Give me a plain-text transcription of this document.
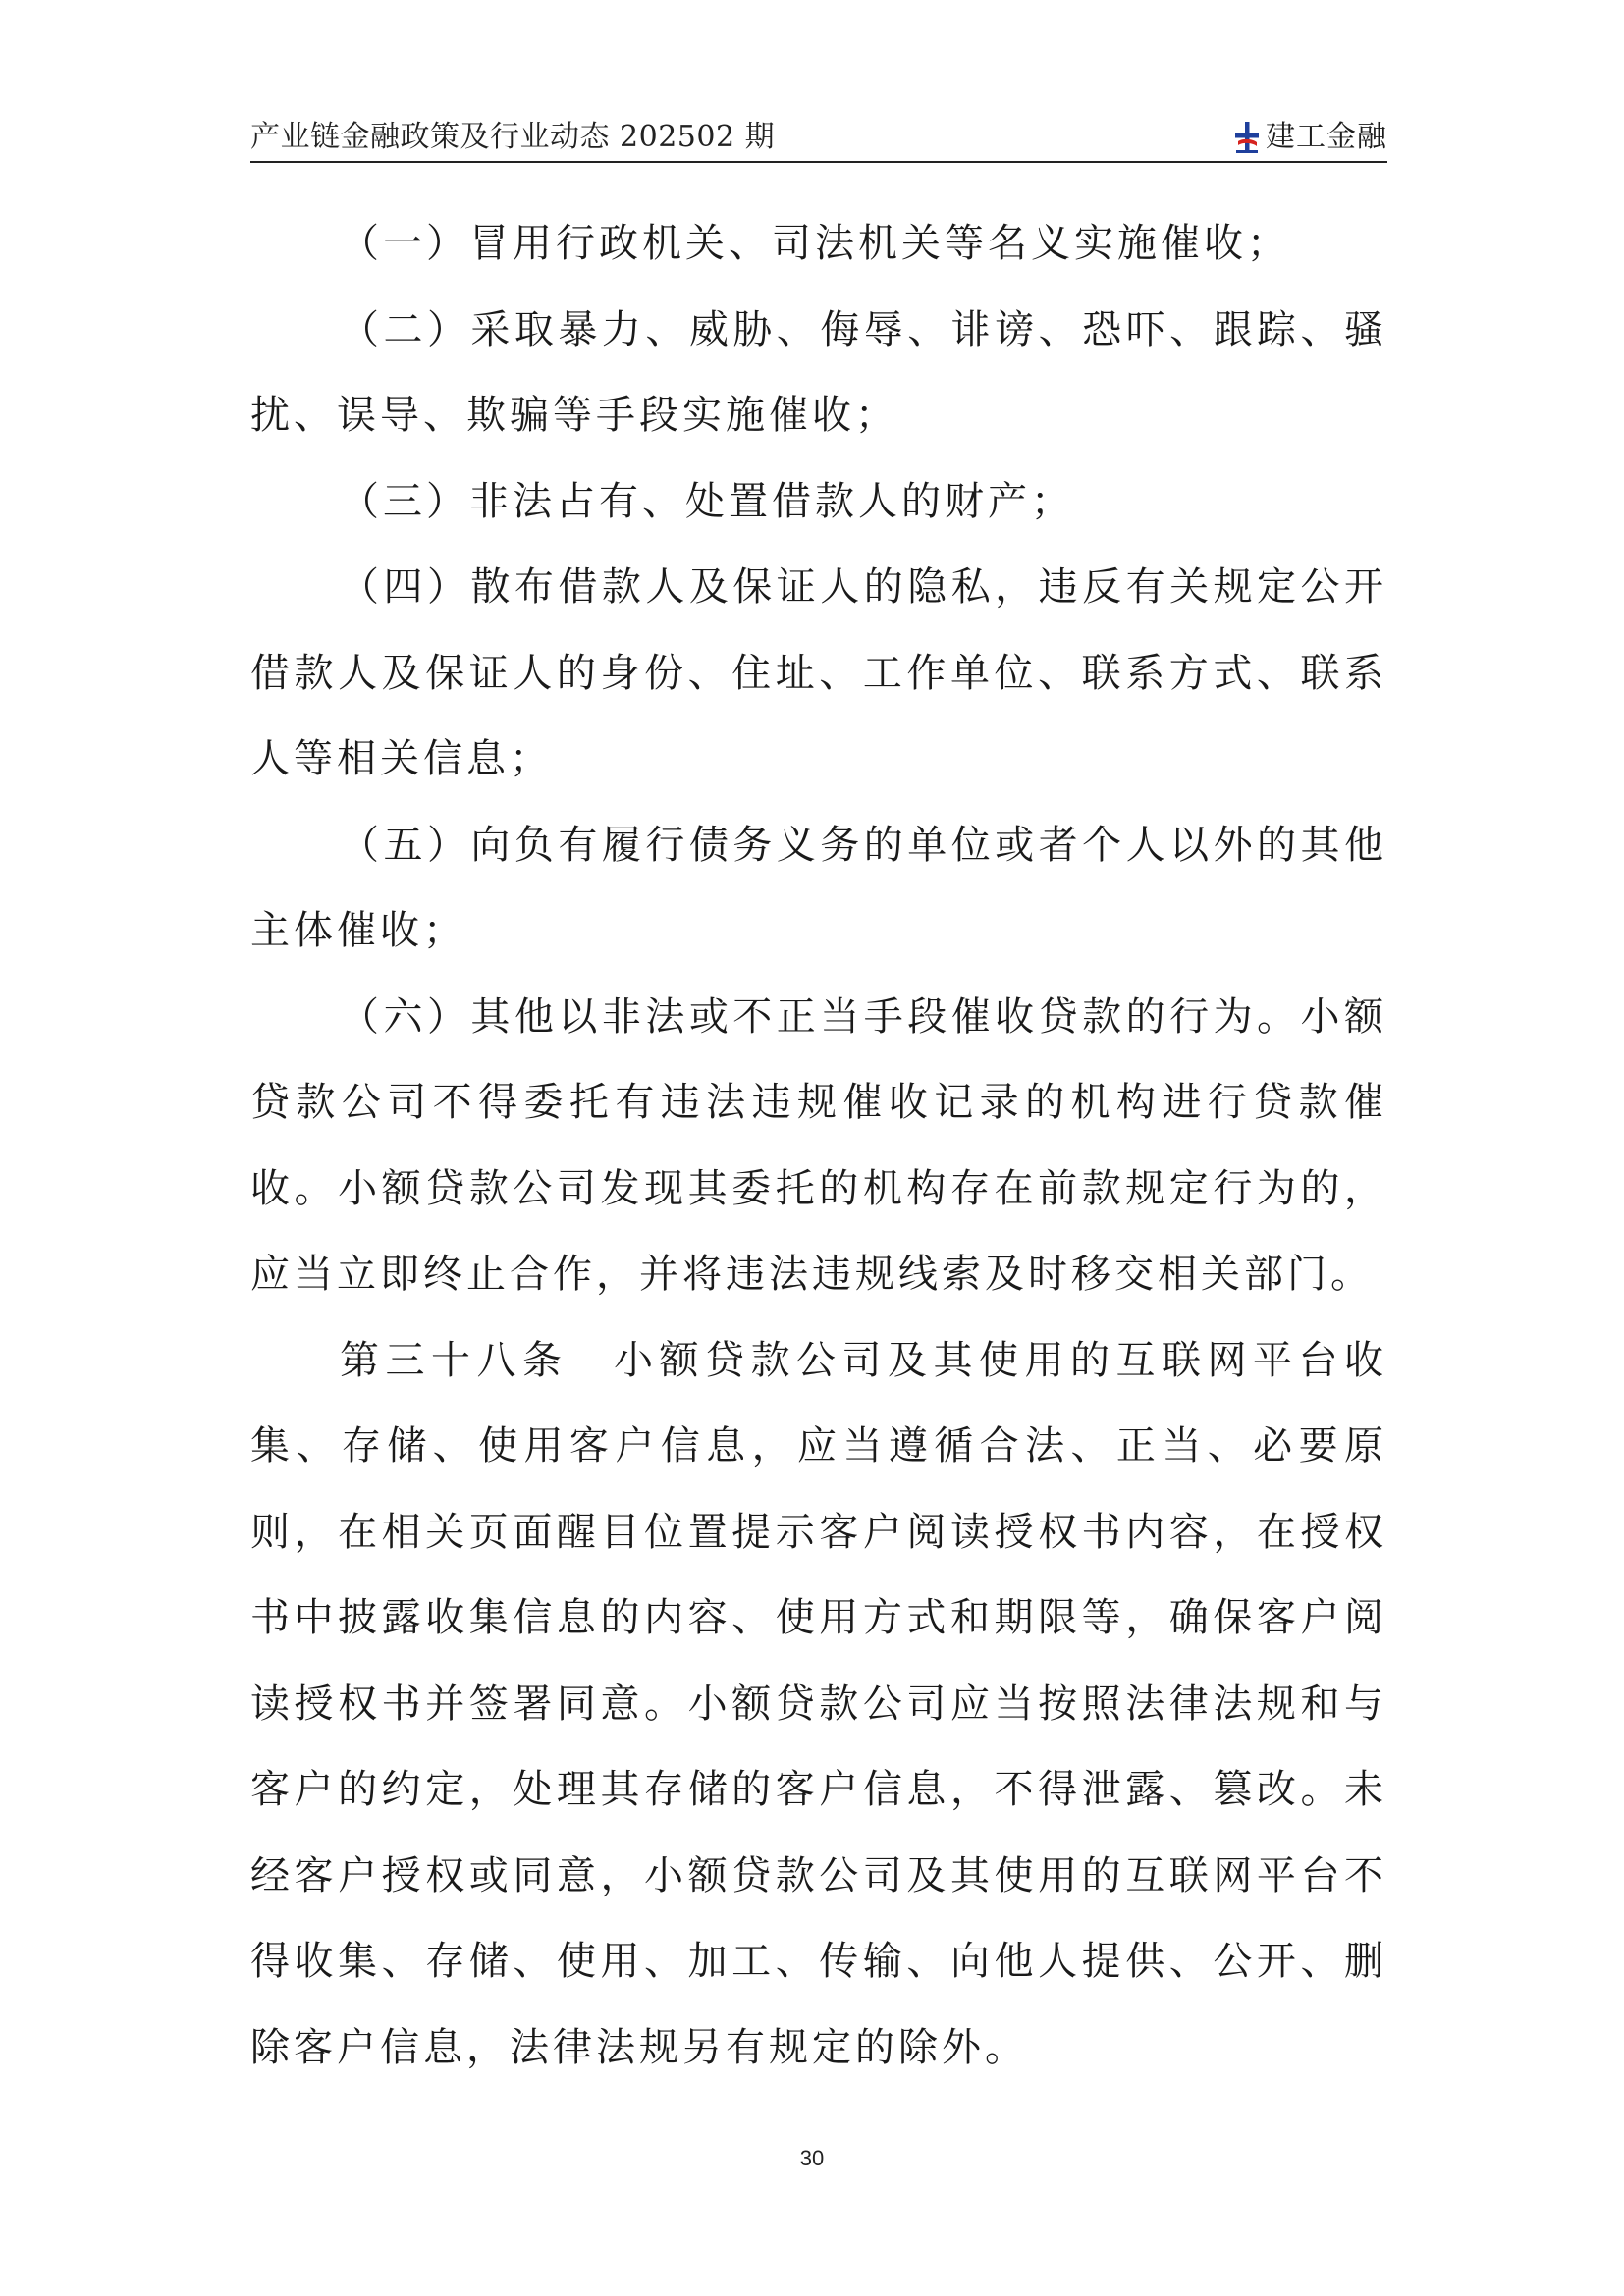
产业链金融政策及行业动态 202502 期	建工金融

（一）冒用行政机关、司法机关等名义实施催收；

（二）采取暴力、威胁、侮辱、诽谤、恐吓、跟踪、骚扰、误导、欺骗等手段实施催收；

（三）非法占有、处置借款人的财产；

（四）散布借款人及保证人的隐私，违反有关规定公开借款人及保证人的身份、住址、工作单位、联系方式、联系人等相关信息；

（五）向负有履行债务义务的单位或者个人以外的其他主体催收；

（六）其他以非法或不正当手段催收贷款的行为。小额贷款公司不得委托有违法违规催收记录的机构进行贷款催收。小额贷款公司发现其委托的机构存在前款规定行为的，应当立即终止合作，并将违法违规线索及时移交相关部门。

第三十八条　小额贷款公司及其使用的互联网平台收集、存储、使用客户信息，应当遵循合法、正当、必要原则，在相关页面醒目位置提示客户阅读授权书内容，在授权书中披露收集信息的内容、使用方式和期限等，确保客户阅读授权书并签署同意。小额贷款公司应当按照法律法规和与客户的约定，处理其存储的客户信息，不得泄露、篡改。未经客户授权或同意，小额贷款公司及其使用的互联网平台不得收集、存储、使用、加工、传输、向他人提供、公开、删除客户信息，法律法规另有规定的除外。

30
